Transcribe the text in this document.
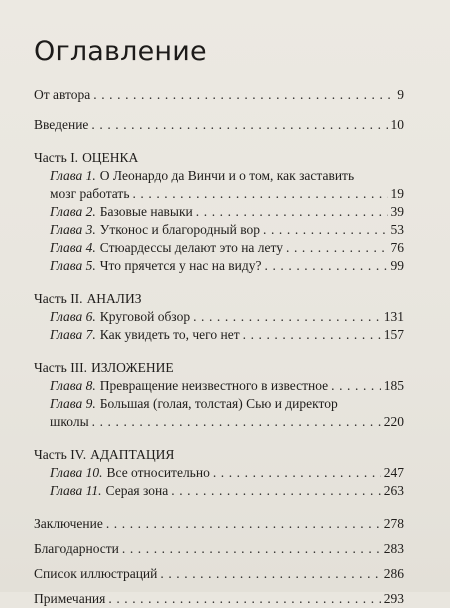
Оглавление
От автора . . .	9
Введение . . .	10
Часть I. ОЦЕНКА
Глава 1. О Леонардо да Винчи и о том, как заставить
мозг работать . . .	19
Глава 2. Базовые навыки . . .	39
Глава 3. Утконос и благородный вор . . .	53
Глава 4. Стюардессы делают это на лету . . .	76
Глава 5. Что прячется у нас на виду? . . .	99
Часть II. АНАЛИЗ
Глава 6. Круговой обзор . . .	131
Глава 7. Как увидеть то, чего нет . . .	157
Часть III. ИЗЛОЖЕНИЕ
Глава 8. Превращение неизвестного в известное . . .	185
Глава 9. Большая (голая, толстая) Сью и директор
школы . . .	220
Часть IV. АДАПТАЦИЯ
Глава 10. Все относительно . . .	247
Глава 11. Серая зона . . .	263
Заключение . . .	278
Благодарности . . .	283
Список иллюстраций . . .	286
Примечания . . .	293
